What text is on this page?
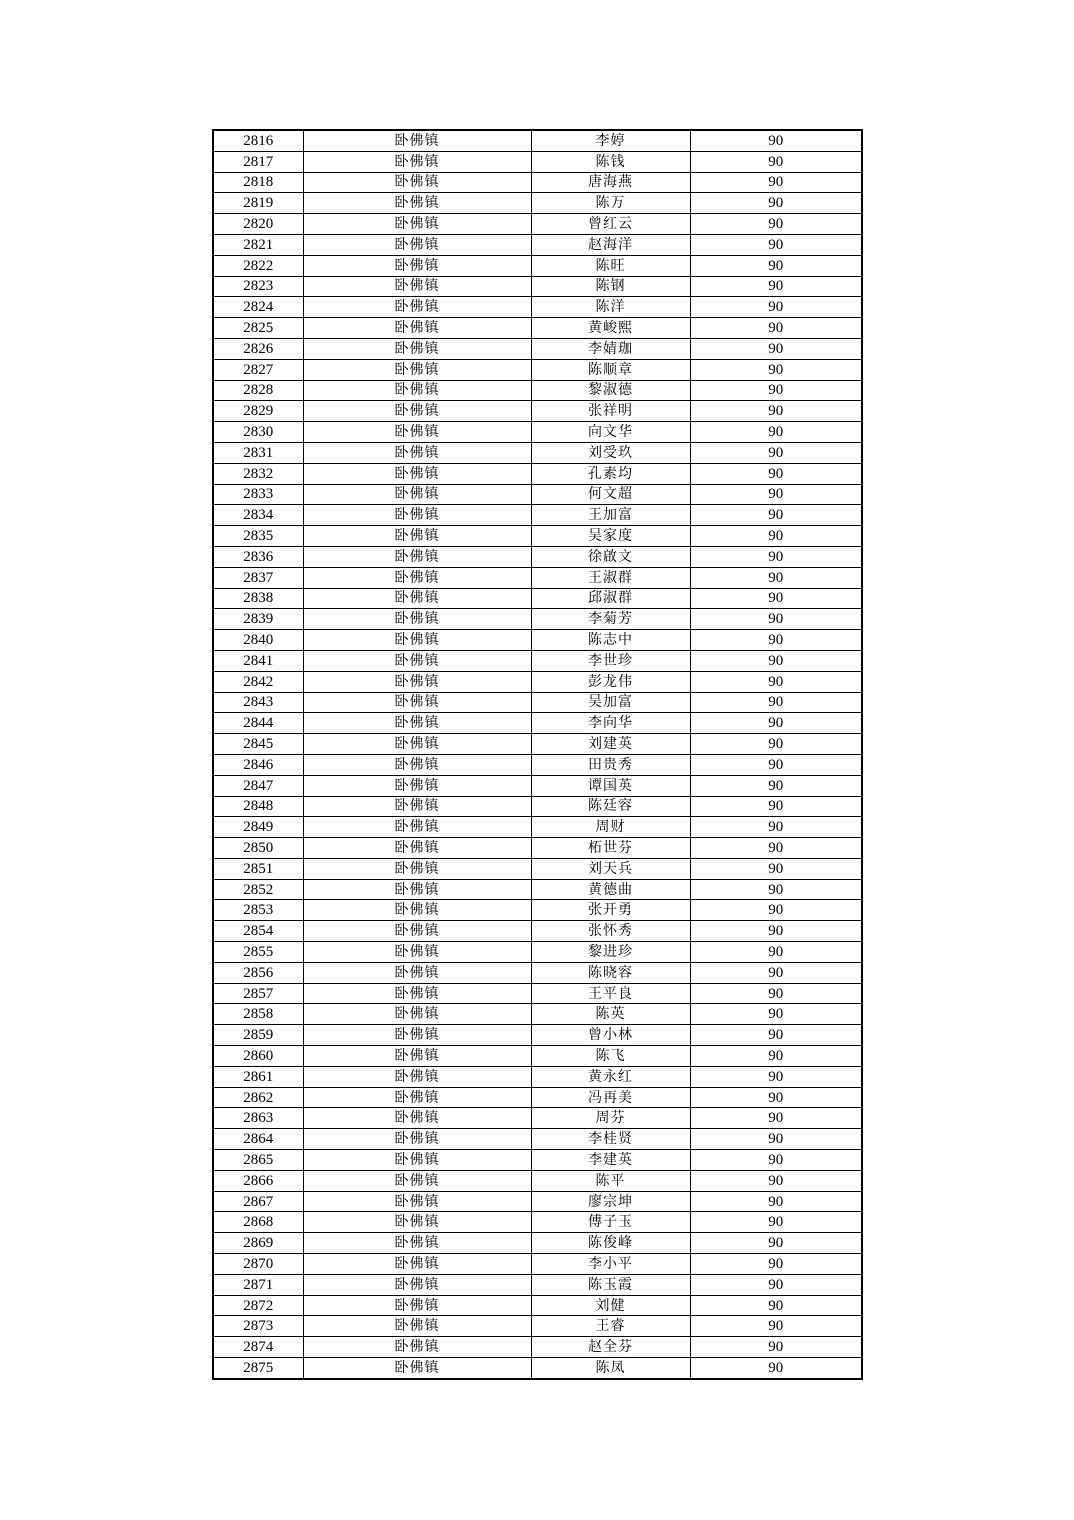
2816	卧佛镇	李婷	90
2817	卧佛镇	陈钱	90
2818	卧佛镇	唐海燕	90
2819	卧佛镇	陈万	90
2820	卧佛镇	曾红云	90
2821	卧佛镇	赵海洋	90
2822	卧佛镇	陈旺	90
2823	卧佛镇	陈钢	90
2824	卧佛镇	陈洋	90
2825	卧佛镇	黄峻熙	90
2826	卧佛镇	李婧珈	90
2827	卧佛镇	陈顺章	90
2828	卧佛镇	黎淑德	90
2829	卧佛镇	张祥明	90
2830	卧佛镇	向文华	90
2831	卧佛镇	刘受玖	90
2832	卧佛镇	孔素均	90
2833	卧佛镇	何文超	90
2834	卧佛镇	王加富	90
2835	卧佛镇	吴家度	90
2836	卧佛镇	徐啟文	90
2837	卧佛镇	王淑群	90
2838	卧佛镇	邱淑群	90
2839	卧佛镇	李菊芳	90
2840	卧佛镇	陈志中	90
2841	卧佛镇	李世珍	90
2842	卧佛镇	彭龙伟	90
2843	卧佛镇	吴加富	90
2844	卧佛镇	李向华	90
2845	卧佛镇	刘建英	90
2846	卧佛镇	田贵秀	90
2847	卧佛镇	谭国英	90
2848	卧佛镇	陈廷容	90
2849	卧佛镇	周财	90
2850	卧佛镇	柘世芬	90
2851	卧佛镇	刘天兵	90
2852	卧佛镇	黄德曲	90
2853	卧佛镇	张开勇	90
2854	卧佛镇	张怀秀	90
2855	卧佛镇	黎进珍	90
2856	卧佛镇	陈晓容	90
2857	卧佛镇	王平良	90
2858	卧佛镇	陈英	90
2859	卧佛镇	曾小林	90
2860	卧佛镇	陈飞	90
2861	卧佛镇	黄永红	90
2862	卧佛镇	冯再美	90
2863	卧佛镇	周芬	90
2864	卧佛镇	李桂贤	90
2865	卧佛镇	李建英	90
2866	卧佛镇	陈平	90
2867	卧佛镇	廖宗坤	90
2868	卧佛镇	傅子玉	90
2869	卧佛镇	陈俊峰	90
2870	卧佛镇	李小平	90
2871	卧佛镇	陈玉霞	90
2872	卧佛镇	刘健	90
2873	卧佛镇	王睿	90
2874	卧佛镇	赵全芬	90
2875	卧佛镇	陈凤	90
